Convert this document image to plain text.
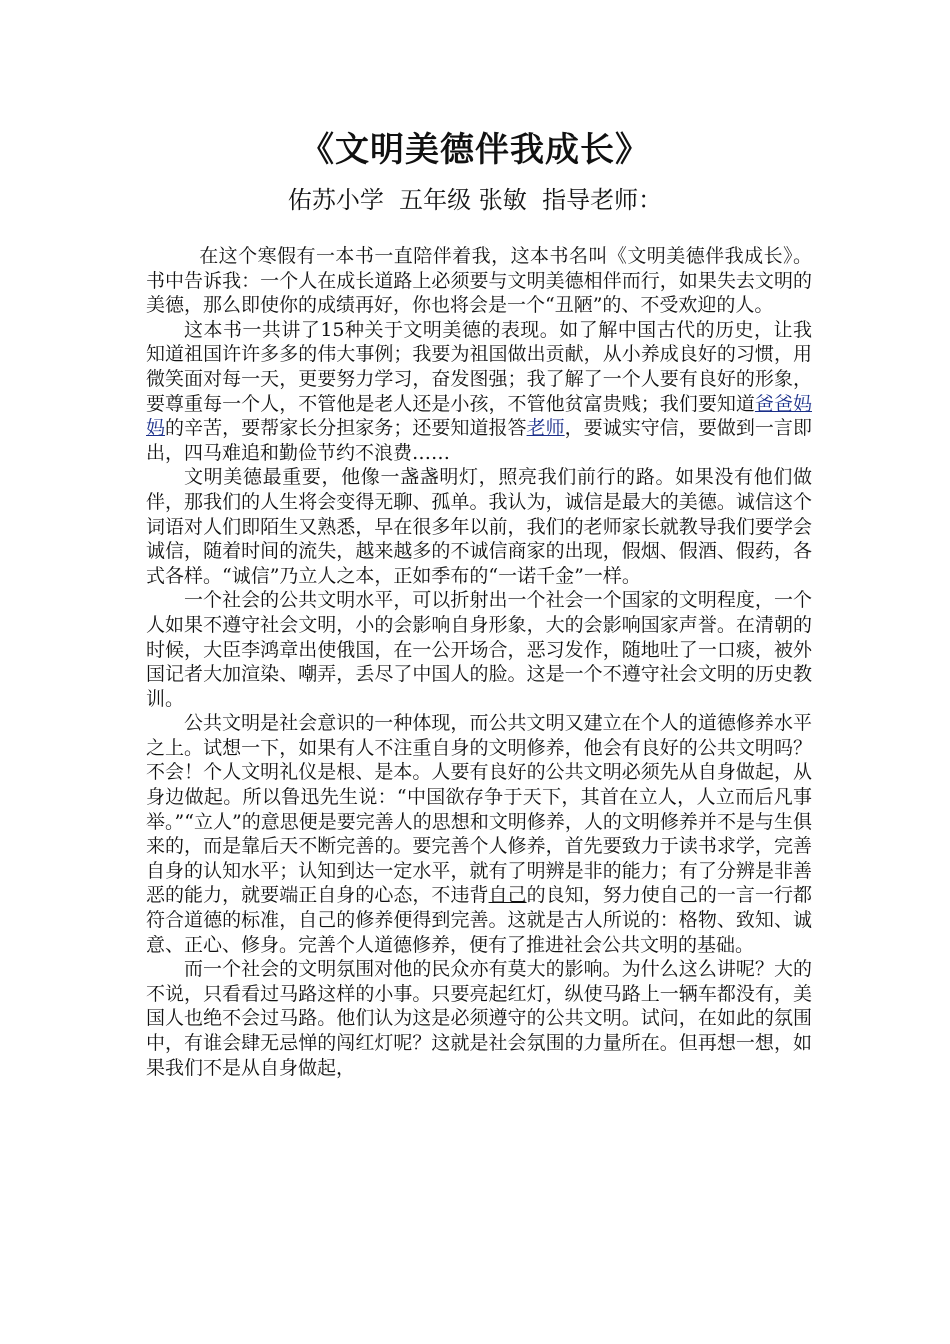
《文明美德伴我成长》
佑苏小学  五年级 张敏  指导老师：

在这个寒假有一本书一直陪伴着我，这本书名叫《文明美德伴我成长》。书中告诉我：一个人在成长道路上必须要与文明美德相伴而行，如果失去文明的美德，那么即使你的成绩再好，你也将会是一个“丑陋”的、不受欢迎的人。

这本书一共讲了15种关于文明美德的表现。如了解中国古代的历史，让我知道祖国许许多多的伟大事例；我要为祖国做出贡献，从小养成良好的习惯，用微笑面对每一天，更要努力学习，奋发图强；我了解了一个人要有良好的形象，要尊重每一个人，不管他是老人还是小孩，不管他贫富贵贱；我们要知道爸爸妈妈的辛苦，要帮家长分担家务；还要知道报答老师，要诚实守信，要做到一言即出，四马难追和勤俭节约不浪费……

文明美德最重要，他像一盏盏明灯，照亮我们前行的路。如果没有他们做伴，那我们的人生将会变得无聊、孤单。我认为，诚信是最大的美德。诚信这个词语对人们即陌生又熟悉，早在很多年以前，我们的老师家长就教导我们要学会诚信，随着时间的流失，越来越多的不诚信商家的出现，假烟、假酒、假药，各式各样。“诚信”乃立人之本，正如季布的“一诺千金”一样。

一个社会的公共文明水平，可以折射出一个社会一个国家的文明程度，一个人如果不遵守社会文明，小的会影响自身形象，大的会影响国家声誉。在清朝的时候，大臣李鸿章出使俄国，在一公开场合，恶习发作，随地吐了一口痰，被外国记者大加渲染、嘲弄，丢尽了中国人的脸。这是一个不遵守社会文明的历史教训。

公共文明是社会意识的一种体现，而公共文明又建立在个人的道德修养水平之上。试想一下，如果有人不注重自身的文明修养，他会有良好的公共文明吗？不会！个人文明礼仪是根、是本。人要有良好的公共文明必须先从自身做起，从身边做起。所以鲁迅先生说：“中国欲存争于天下，其首在立人，人立而后凡事举。”“立人”的意思便是要完善人的思想和文明修养，人的文明修养并不是与生俱来的，而是靠后天不断完善的。要完善个人修养，首先要致力于读书求学，完善自身的认知水平；认知到达一定水平，就有了明辨是非的能力；有了分辨是非善恶的能力，就要端正自身的心态，不违背自己的良知，努力使自己的一言一行都符合道德的标准，自己的修养便得到完善。这就是古人所说的：格物、致知、诚意、正心、修身。完善个人道德修养，便有了推进社会公共文明的基础。

而一个社会的文明氛围对他的民众亦有莫大的影响。为什么这么讲呢？大的不说，只看看过马路这样的小事。只要亮起红灯，纵使马路上一辆车都没有，美国人也绝不会过马路。他们认为这是必须遵守的公共文明。试问，在如此的氛围中，有谁会肆无忌惮的闯红灯呢？这就是社会氛围的力量所在。但再想一想，如果我们不是从自身做起，
